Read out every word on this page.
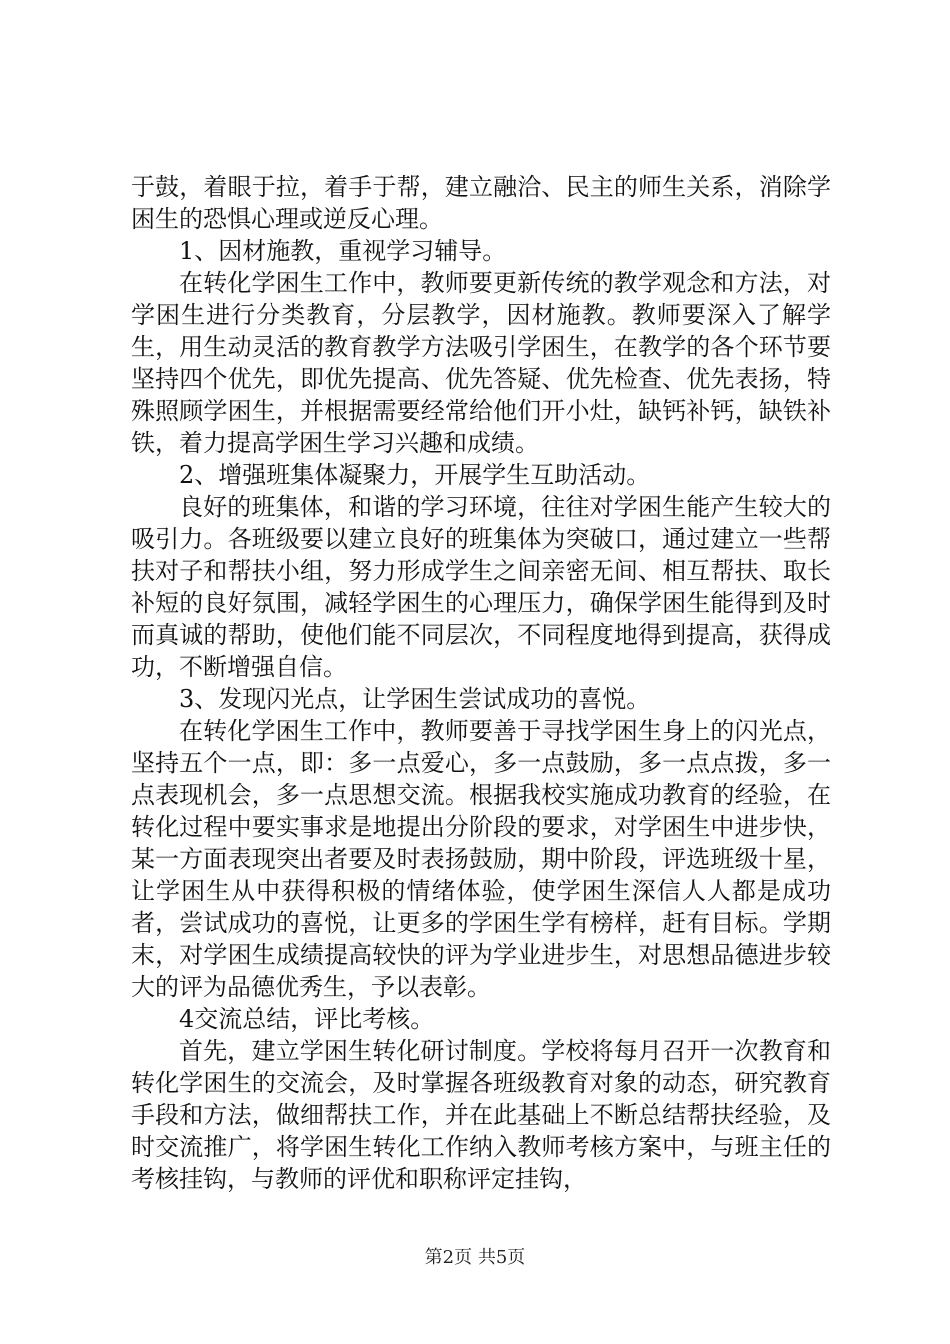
于鼓，着眼于拉，着手于帮，建立融洽、民主的师生关系，消除学困生的恐惧心理或逆反心理。

1、因材施教，重视学习辅导。

在转化学困生工作中，教师要更新传统的教学观念和方法，对学困生进行分类教育，分层教学，因材施教。教师要深入了解学生，用生动灵活的教育教学方法吸引学困生，在教学的各个环节要坚持四个优先，即优先提高、优先答疑、优先检查、优先表扬，特殊照顾学困生，并根据需要经常给他们开小灶，缺钙补钙，缺铁补铁，着力提高学困生学习兴趣和成绩。

2、增强班集体凝聚力，开展学生互助活动。

良好的班集体，和谐的学习环境，往往对学困生能产生较大的吸引力。各班级要以建立良好的班集体为突破口，通过建立一些帮扶对子和帮扶小组，努力形成学生之间亲密无间、相互帮扶、取长补短的良好氛围，减轻学困生的心理压力，确保学困生能得到及时而真诚的帮助，使他们能不同层次，不同程度地得到提高，获得成功，不断增强自信。

3、发现闪光点，让学困生尝试成功的喜悦。

在转化学困生工作中，教师要善于寻找学困生身上的闪光点，坚持五个一点，即：多一点爱心，多一点鼓励，多一点点拨，多一点表现机会，多一点思想交流。根据我校实施成功教育的经验，在转化过程中要实事求是地提出分阶段的要求，对学困生中进步快，某一方面表现突出者要及时表扬鼓励，期中阶段，评选班级十星，让学困生从中获得积极的情绪体验，使学困生深信人人都是成功者，尝试成功的喜悦，让更多的学困生学有榜样，赶有目标。学期末，对学困生成绩提高较快的评为学业进步生，对思想品德进步较大的评为品德优秀生，予以表彰。

4交流总结，评比考核。

首先，建立学困生转化研讨制度。学校将每月召开一次教育和转化学困生的交流会，及时掌握各班级教育对象的动态，研究教育手段和方法，做细帮扶工作，并在此基础上不断总结帮扶经验，及时交流推广，将学困生转化工作纳入教师考核方案中，与班主任的考核挂钩，与教师的评优和职称评定挂钩，

第2页 共5页
